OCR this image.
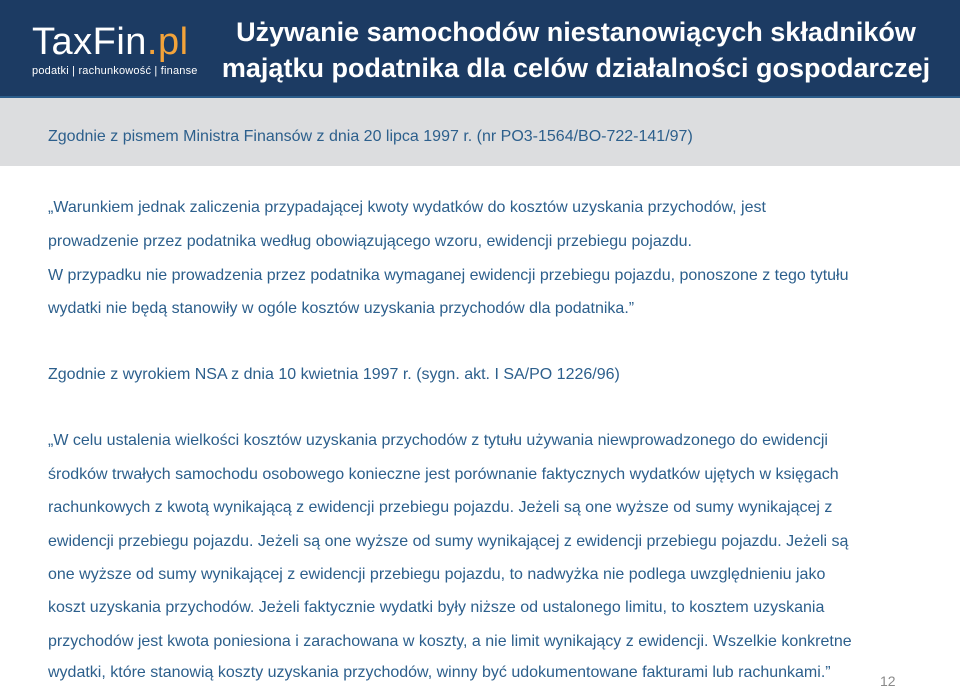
TaxFin.pl
podatki | rachunkowość | finanse
Używanie samochodów niestanowiących składników
majątku podatnika dla celów działalności gospodarczej
Zgodnie z pismem Ministra Finansów z dnia 20 lipca 1997 r. (nr PO3-1564/BO-722-141/97)
„Warunkiem jednak zaliczenia przypadającej kwoty wydatków do kosztów uzyskania przychodów, jest
prowadzenie przez podatnika według obowiązującego wzoru, ewidencji przebiegu pojazdu.
W przypadku nie prowadzenia przez podatnika wymaganej ewidencji przebiegu pojazdu, ponoszone z tego tytułu
wydatki nie będą stanowiły w ogóle kosztów uzyskania przychodów dla podatnika.”
Zgodnie z wyrokiem NSA z dnia 10 kwietnia 1997 r. (sygn. akt. I SA/PO 1226/96)
„W celu ustalenia wielkości kosztów uzyskania przychodów z tytułu używania niewprowadzonego do ewidencji
środków trwałych samochodu osobowego konieczne jest porównanie faktycznych wydatków ujętych w księgach
rachunkowych z kwotą wynikającą z ewidencji przebiegu pojazdu. Jeżeli są one wyższe od sumy wynikającej z
ewidencji przebiegu pojazdu. Jeżeli są one wyższe od sumy wynikającej z ewidencji przebiegu pojazdu. Jeżeli są
one wyższe od sumy wynikającej z ewidencji przebiegu pojazdu, to nadwyżka nie podlega uwzględnieniu jako
koszt uzyskania przychodów. Jeżeli faktycznie wydatki były niższe od ustalonego limitu, to kosztem uzyskania
przychodów jest kwota poniesiona i zarachowana w koszty, a nie limit wynikający z ewidencji. Wszelkie konkretne
wydatki, które stanowią koszty uzyskania przychodów, winny być udokumentowane fakturami lub rachunkami.”	12
